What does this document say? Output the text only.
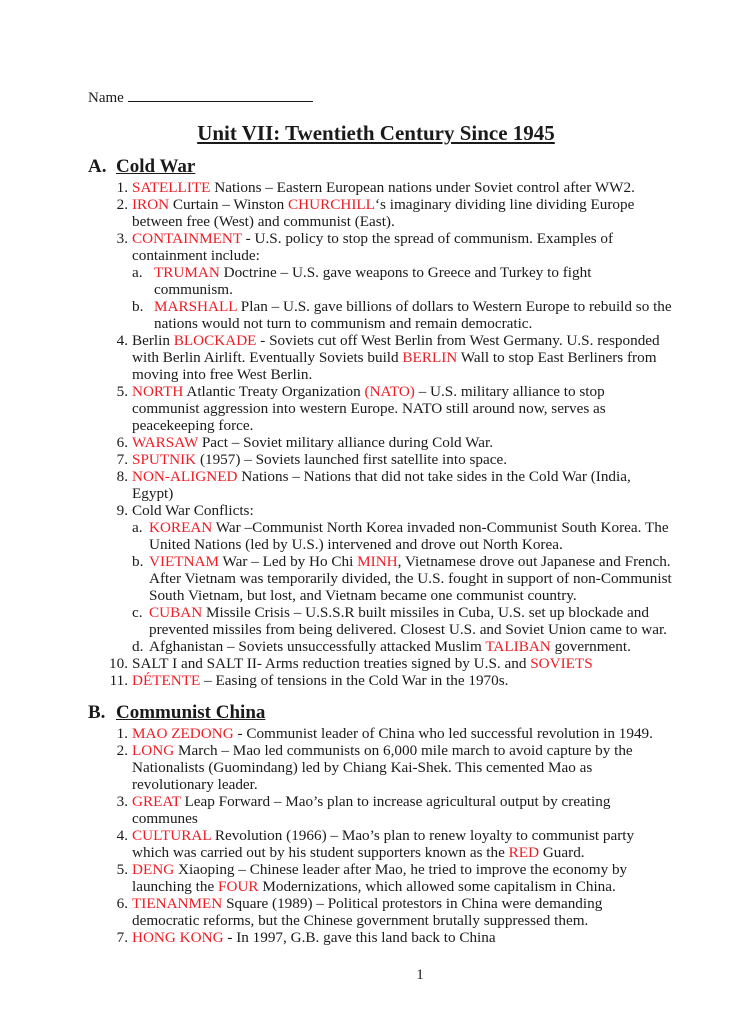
Name
Unit VII: Twentieth Century Since 1945
A. Cold War
1. SATELLITE Nations – Eastern European nations under Soviet control after WW2.
2. IRON Curtain – Winston CHURCHILL‘s imaginary dividing line dividing Europe between free (West) and communist (East).
3. CONTAINMENT - U.S. policy to stop the spread of communism. Examples of containment include:
a. TRUMAN Doctrine – U.S. gave weapons to Greece and Turkey to fight communism.
b. MARSHALL Plan – U.S. gave billions of dollars to Western Europe to rebuild so the nations would not turn to communism and remain democratic.
4. Berlin BLOCKADE - Soviets cut off West Berlin from West Germany. U.S. responded with Berlin Airlift. Eventually Soviets build BERLIN Wall to stop East Berliners from moving into free West Berlin.
5. NORTH Atlantic Treaty Organization (NATO) – U.S. military alliance to stop communist aggression into western Europe. NATO still around now, serves as peacekeeping force.
6. WARSAW Pact – Soviet military alliance during Cold War.
7. SPUTNIK (1957) – Soviets launched first satellite into space.
8. NON-ALIGNED Nations – Nations that did not take sides in the Cold War (India, Egypt)
9. Cold War Conflicts:
a. KOREAN War –Communist North Korea invaded non-Communist South Korea. The United Nations (led by U.S.) intervened and drove out North Korea.
b. VIETNAM War – Led by Ho Chi MINH, Vietnamese drove out Japanese and French. After Vietnam was temporarily divided, the U.S. fought in support of non-Communist South Vietnam, but lost, and Vietnam became one communist country.
c. CUBAN Missile Crisis – U.S.S.R built missiles in Cuba, U.S. set up blockade and prevented missiles from being delivered. Closest U.S. and Soviet Union came to war.
d. Afghanistan – Soviets unsuccessfully attacked Muslim TALIBAN government.
10. SALT I and SALT II- Arms reduction treaties signed by U.S. and SOVIETS
11. DÉTENTE – Easing of tensions in the Cold War in the 1970s.
B. Communist China
1. MAO ZEDONG - Communist leader of China who led successful revolution in 1949.
2. LONG March – Mao led communists on 6,000 mile march to avoid capture by the Nationalists (Guomindang) led by Chiang Kai-Shek. This cemented Mao as revolutionary leader.
3. GREAT Leap Forward – Mao’s plan to increase agricultural output by creating communes
4. CULTURAL Revolution (1966) – Mao’s plan to renew loyalty to communist party which was carried out by his student supporters known as the RED Guard.
5. DENG Xiaoping – Chinese leader after Mao, he tried to improve the economy by launching the FOUR Modernizations, which allowed some capitalism in China.
6. TIENANMEN Square (1989) – Political protestors in China were demanding democratic reforms, but the Chinese government brutally suppressed them.
7. HONG KONG - In 1997, G.B. gave this land back to China
1
